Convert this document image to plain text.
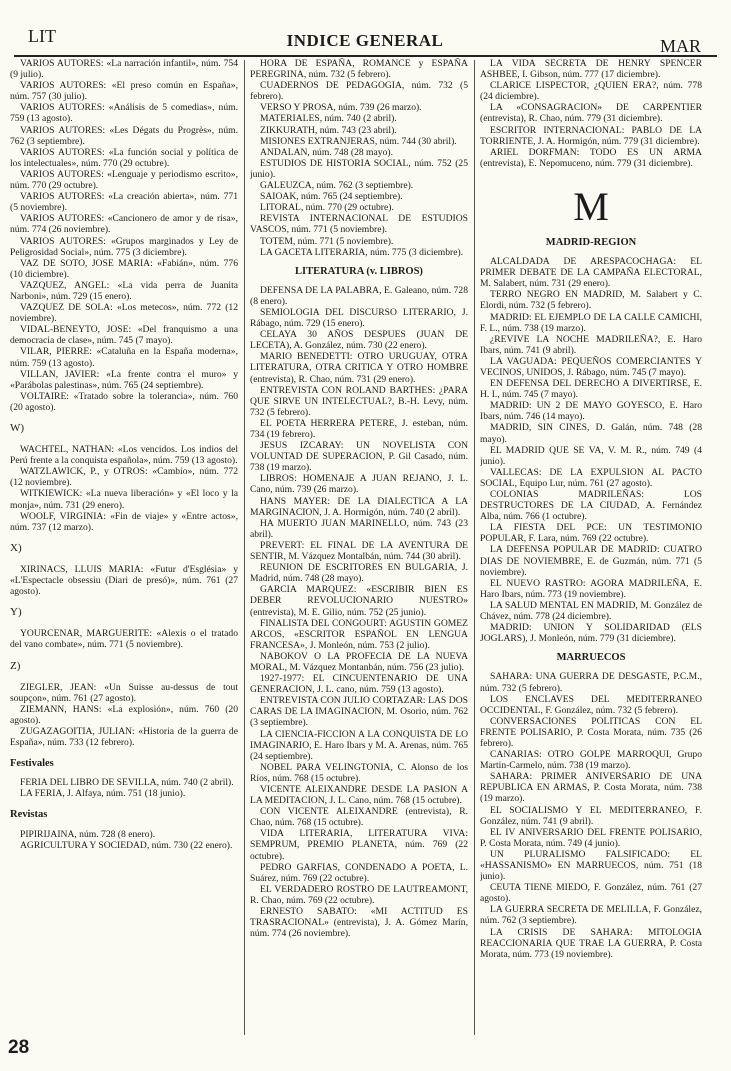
LIT	INDICE GENERAL	MAR
VARIOS AUTORES: «La narración infantil», núm. 754 (9 julio).
VARIOS AUTORES: «El preso común en España», núm. 757 (30 julio).
VARIOS AUTORES: «Análisis de 5 comedias», núm. 759 (13 agosto).
VARIOS AUTORES: «Les Dégats du Progrès», núm. 762 (3 septiembre).
VARIOS AUTORES: «La función social y política de los intelectuales», núm. 770 (29 octubre).
VARIOS AUTORES: «Lenguaje y periodismo escrito», núm. 770 (29 octubre).
VARIOS AUTORES: «La creación abierta», núm. 771 (5 noviembre).
VARIOS AUTORES: «Cancionero de amor y de risa», núm. 774 (26 noviembre).
VARIOS AUTORES: «Grupos marginados y Ley de Peligrosidad Social», núm. 775 (3 diciembre).
VAZ DE SOTO, JOSE MARIA: «Fabián», núm. 776 (10 diciembre).
VAZQUEZ, ANGEL: «La vida perra de Juanita Narboni», núm. 729 (15 enero).
VAZQUEZ DE SOLA: «Los metecos», núm. 772 (12 noviembre).
VIDAL-BENEYTO, JOSE: «Del franquismo a una democracia de clase», núm. 745 (7 mayo).
VILAR, PIERRE: «Cataluña en la España moderna», núm. 759 (13 agosto).
VILLAN, JAVIER: «La frente contra el muro» y «Parábolas palestinas», núm. 765 (24 septiembre).
VOLTAIRE: «Tratado sobre la tolerancia», núm. 760 (20 agosto).
W)
WACHTEL, NATHAN: «Los vencidos. Los indios del Perú frente a la conquista española», núm. 759 (13 agosto).
WATZLAWICK, P., y OTROS: «Cambio», núm. 772 (12 noviembre).
WITKIEWICK: «La nueva liberación» y «El loco y la monja», núm. 731 (29 enero).
WOOLF, VIRGINIA: «Fin de viaje» y «Entre actos», núm. 737 (12 marzo).
X)
XIRINACS, LLUIS MARIA: «Futur d'Església» y «L'Espectacle obsessiu (Diari de presó)», núm. 761 (27 agosto).
Y)
YOURCENAR, MARGUERITE: «Alexis o el tratado del vano combate», núm. 771 (5 noviembre).
Z)
ZIEGLER, JEAN: «Un Suisse au-dessus de tout soupçon», núm. 761 (27 agosto).
ZIEMANN, HANS: «La explosión», núm. 760 (20 agosto).
ZUGAZAGOITIA, JULIAN: «Historia de la guerra de España», núm. 733 (12 febrero).
Festivales
FERIA DEL LIBRO DE SEVILLA, núm. 740 (2 abril).
LA FERIA, J. Alfaya, núm. 751 (18 junio).
Revistas
PIPIRIJAINA, núm. 728 (8 enero).
AGRICULTURA Y SOCIEDAD, núm. 730 (22 enero).
HORA DE ESPAÑA, ROMANCE y ESPAÑA PEREGRINA, núm. 732 (5 febrero).
CUADERNOS DE PEDAGOGIA, núm. 732 (5 febrero).
VERSO Y PROSA, núm. 739 (26 marzo).
MATERIALES, núm. 740 (2 abril).
ZIKKURATH, núm. 743 (23 abril).
MISIONES EXTRANJERAS, núm. 744 (30 abril).
ANDALAN, núm. 748 (28 mayo).
ESTUDIOS DE HISTORIA SOCIAL, núm. 752 (25 junio).
GALEUZCA, núm. 762 (3 septiembre).
SAIOAK, núm. 765 (24 septiembre).
LITORAL, núm. 770 (29 octubre).
REVISTA INTERNACIONAL DE ESTUDIOS VASCOS, núm. 771 (5 noviembre).
TOTEM, núm. 771 (5 noviembre).
LA GACETA LITERARIA, núm. 775 (3 diciembre).
LITERATURA (v. LIBROS)
DEFENSA DE LA PALABRA, E. Galeano, núm. 728 (8 enero).
SEMIOLOGIA DEL DISCURSO LITERARIO, J. Rábago, núm. 729 (15 enero).
CELAYA 30 AÑOS DESPUES (JUAN DE LECETA), A. González, núm. 730 (22 enero).
MARIO BENEDETTI: OTRO URUGUAY, OTRA LITERATURA, OTRA CRITICA Y OTRO HOMBRE (entrevista), R. Chao, núm. 731 (29 enero).
ENTREVISTA CON ROLAND BARTHES: ¿PARA QUE SIRVE UN INTELECTUAL?, B.-H. Levy, núm. 732 (5 febrero).
EL POETA HERRERA PETERE, J. esteban, núm. 734 (19 febrero).
JESUS IZCARAY: UN NOVELISTA CON VOLUNTAD DE SUPERACION, P. Gil Casado, núm. 738 (19 marzo).
LIBROS: HOMENAJE A JUAN REJANO, J. L. Cano, núm. 739 (26 marzo).
HANS MAYER: DE LA DIALECTICA A LA MARGINACION, J. A. Hormigón, núm. 740 (2 abril).
HA MUERTO JUAN MARINELLO, núm. 743 (23 abril).
PREVERT: EL FINAL DE LA AVENTURA DE SENTIR, M. Vázquez Montalbán, núm. 744 (30 abril).
REUNION DE ESCRITORES EN BULGARIA, J. Madrid, núm. 748 (28 mayo).
GARCIA MARQUEZ: «ESCRIBIR BIEN ES DEBER REVOLUCIONARIO NUESTRO» (entrevista), M. E. Gilio, núm. 752 (25 junio).
FINALISTA DEL CONGOURT: AGUSTIN GOMEZ ARCOS, «ESCRITOR ESPAÑOL EN LENGUA FRANCESA», J. Monleón, núm. 753 (2 julio).
NABOKOV O LA PROFECIA DE LA NUEVA MORAL, M. Vázquez Montanbán, núm. 756 (23 julio).
1927-1977: EL CINCUENTENARIO DE UNA GENERACION, J. L. cano, núm. 759 (13 agosto).
ENTREVISTA CON JULIO CORTAZAR: LAS DOS CARAS DE LA IMAGINACION, M. Osorio, núm. 762 (3 septiembre).
LA CIENCIA-FICCION A LA CONQUISTA DE LO IMAGINARIO, E. Haro Ibars y M. A. Arenas, núm. 765 (24 septiembre).
NOBEL PARA VELINGTONIA, C. Alonso de los Ríos, núm. 768 (15 octubre).
VICENTE ALEIXANDRE DESDE LA PASION A LA MEDITACION, J. L. Cano, núm. 768 (15 octubre).
CON VICENTE ALEIXANDRE (entrevista), R. Chao, núm. 768 (15 octubre).
VIDA LITERARIA, LITERATURA VIVA: SEMPRUM, PREMIO PLANETA, núm. 769 (22 octubre).
PEDRO GARFIAS, CONDENADO A POETA, L. Suárez, núm. 769 (22 octubre).
EL VERDADERO ROSTRO DE LAUTREAMONT, R. Chao, núm. 769 (22 octubre).
ERNESTO SABATO: «MI ACTITUD ES TRASRACIONAL» (entrevista), J. A. Gómez Marín, núm. 774 (26 noviembre).
LA VIDA SECRETA DE HENRY SPENCER ASHBEE, I. Gibson, núm. 777 (17 diciembre).
CLARICE LISPECTOR, ¿QUIEN ERA?, núm. 778 (24 diciembre).
LA «CONSAGRACION» DE CARPENTIER (entrevista), R. Chao, núm. 779 (31 diciembre).
ESCRITOR INTERNACIONAL: PABLO DE LA TORRIENTE, J. A. Hormigón, núm. 779 (31 diciembre).
ARIEL DORFMAN: TODO ES UN ARMA (entrevista), E. Nepomuceno, núm. 779 (31 diciembre).
M
MADRID-REGION
ALCALDADA DE ARESPACOCHAGA: EL PRIMER DEBATE DE LA CAMPAÑA ELECTORAL, M. Salabert, núm. 731 (29 enero).
TERRO NEGRO EN MADRID, M. Salabert y C. Elordi, núm. 732 (5 febrero).
MADRID: EL EJEMPLO DE LA CALLE CAMICHI, F. L., núm. 738 (19 marzo).
¿REVIVE LA NOCHE MADRILEÑA?, E. Haro Ibars, núm. 741 (9 abril).
LA VAGUADA: PEQUEÑOS COMERCIANTES Y VECINOS, UNIDOS, J. Rábago, núm. 745 (7 mayo).
EN DEFENSA DEL DERECHO A DIVERTIRSE, E. H. I., núm. 745 (7 mayo).
MADRID: UN 2 DE MAYO GOYESCO, E. Haro Ibars, núm. 746 (14 mayo).
MADRID, SIN CINES, D. Galán, núm. 748 (28 mayo).
EL MADRID QUE SE VA, V. M. R., núm. 749 (4 junio).
VALLECAS: DE LA EXPULSION AL PACTO SOCIAL, Equipo Lur, núm. 761 (27 agosto).
COLONIAS MADRILEÑAS: LOS DESTRUCTORES DE LA CIUDAD, A. Fernández Alba, núm. 766 (1 octubre).
LA FIESTA DEL PCE: UN TESTIMONIO POPULAR, F. Lara, núm. 769 (22 octubre).
LA DEFENSA POPULAR DE MADRID: CUATRO DIAS DE NOVIEMBRE, E. de Guzmán, núm. 771 (5 noviembre).
EL NUEVO RASTRO: AGORA MADRILEÑA, E. Haro Ibars, núm. 773 (19 noviembre).
LA SALUD MENTAL EN MADRID, M. González de Chávez, núm. 778 (24 diciembre).
MADRID: UNION Y SOLIDARIDAD (ELS JOGLARS), J. Monleón, núm. 779 (31 diciembre).
MARRUECOS
SAHARA: UNA GUERRA DE DESGASTE, P.C.M., núm. 732 (5 febrero).
LOS ENCLAVES DEL MEDITERRANEO OCCIDENTAL, F. González, núm. 732 (5 febrero).
CONVERSACIONES POLITICAS CON EL FRENTE POLISARIO, P. Costa Morata, núm. 735 (26 febrero).
CANARIAS: OTRO GOLPE MARROQUI, Grupo Martin-Carmelo, núm. 738 (19 marzo).
SAHARA: PRIMER ANIVERSARIO DE UNA REPUBLICA EN ARMAS, P. Costa Morata, núm. 738 (19 marzo).
EL SOCIALISMO Y EL MEDITERRANEO, F. González, núm. 741 (9 abril).
EL IV ANIVERSARIO DEL FRENTE POLISARIO, P. Costa Morata, núm. 749 (4 junio).
UN PLURALISMO FALSIFICADO: EL «HASSANISMO» EN MARRUECOS, núm. 751 (18 junio).
CEUTA TIENE MIEDO, F. González, núm. 761 (27 agosto).
LA GUERRA SECRETA DE MELILLA, F. González, núm. 762 (3 septiembre).
LA CRISIS DE SAHARA: MITOLOGIA REACCIONARIA QUE TRAE LA GUERRA, P. Costa Morata, núm. 773 (19 noviembre).
28
